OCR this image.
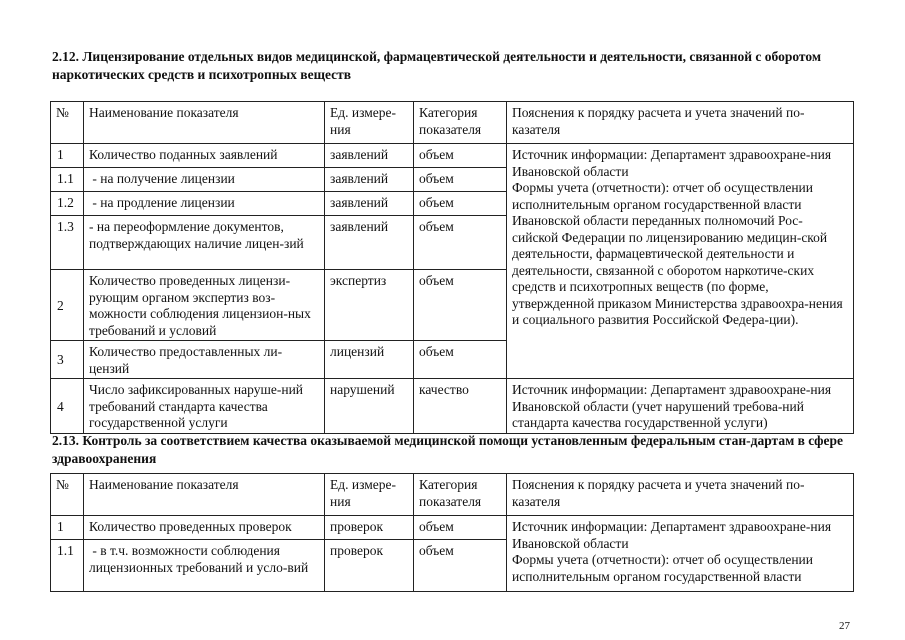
2.12. Лицензирование отдельных видов медицинской, фармацевтической деятельности и деятельности, связанной с оборотом наркотических средств и психотропных веществ
№	Наименование показателя	Ед. измере-ния	Категория показателя	Пояснения к порядку расчета и учета значений по-казателя
1	Количество поданных заявлений	заявлений	объем	Источник информации: Департамент здравоохране-ния Ивановской области
Формы учета (отчетности): отчет об осуществлении исполнительным органом государственной власти Ивановской области переданных полномочий Рос-сийской Федерации по лицензированию медицин-ской деятельности, фармацевтической деятельности и деятельности, связанной с оборотом наркотиче-ских средств и психотропных веществ (по форме, утвержденной приказом Министерства здравоохра-нения и социального развития Российской Федера-ции).
1.1	- на получение лицензии	заявлений	объем	
1.2	- на продление лицензии	заявлений	объем	
1.3	- на переоформление документов, подтверждающих наличие лицен-зий	заявлений	объем	
2	Количество проведенных лицензи-рующим органом экспертиз воз-можности соблюдения лицензион-ных требований и условий	экспертиз	объем	
3	Количество предоставленных ли-цензий	лицензий	объем	
4	Число зафиксированных наруше-ний требований стандарта качества государственной услуги	нарушений	качество	Источник информации: Департамент здравоохране-ния Ивановской области (учет нарушений требова-ний стандарта качества государственной услуги)
2.13. Контроль за соответствием качества оказываемой медицинской помощи установленным федеральным стан-дартам в сфере здравоохранения
№	Наименование показателя	Ед. измере-ния	Категория показателя	Пояснения к порядку расчета и учета значений по-казателя
1	Количество проведенных проверок	проверок	объем	Источник информации: Департамент здравоохране-ния Ивановской области
Формы учета (отчетности): отчет об осуществлении исполнительным органом государственной власти
1.1	- в т.ч. возможности соблюдения лицензионных требований и усло-вий	проверок	объем	
27
